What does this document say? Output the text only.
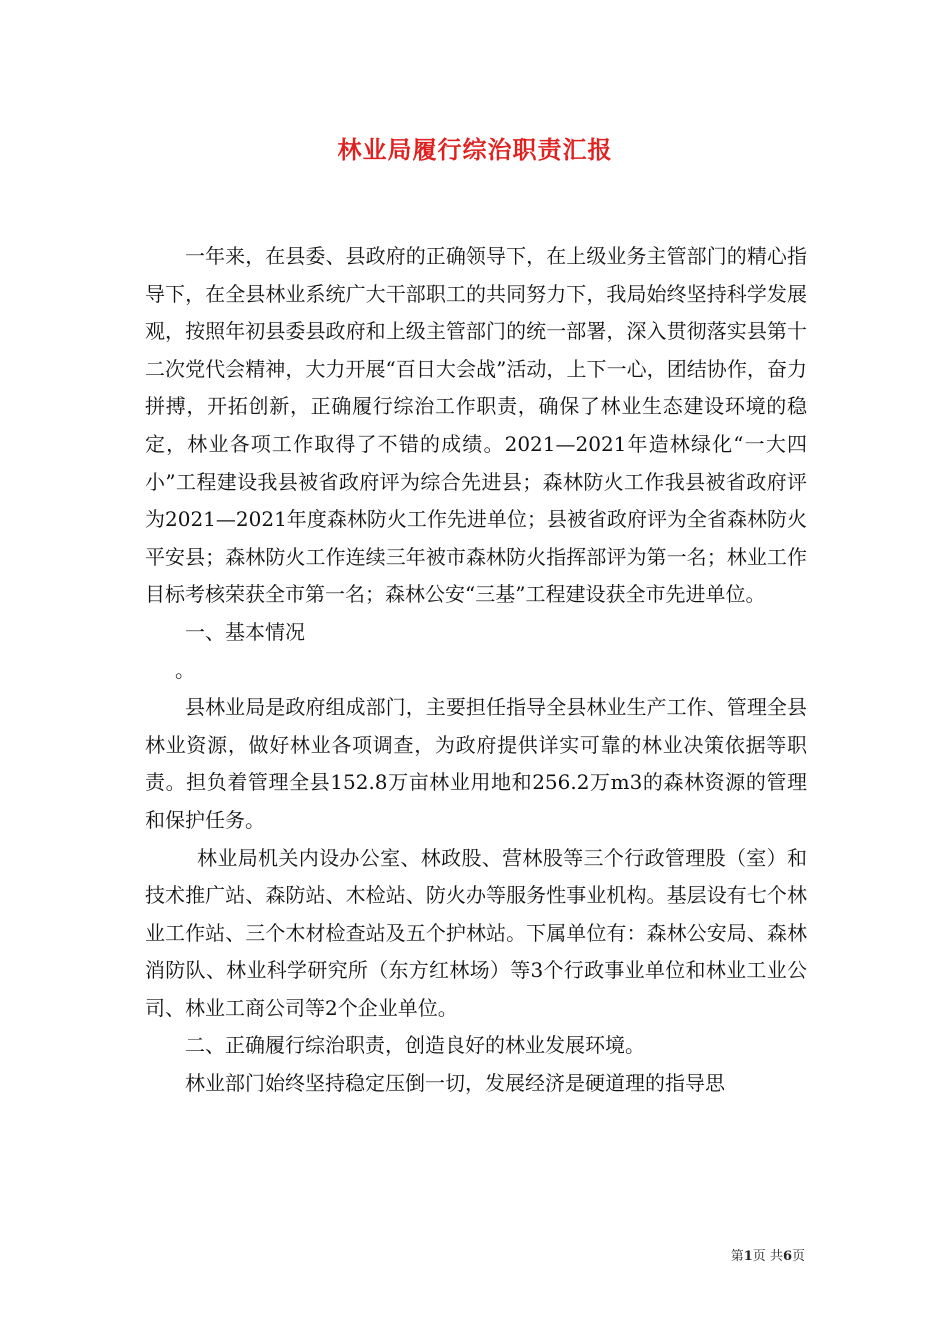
林业局履行综治职责汇报

一年来，在县委、县政府的正确领导下，在上级业务主管部门的精心指导下，在全县林业系统广大干部职工的共同努力下，我局始终坚持科学发展观，按照年初县委县政府和上级主管部门的统一部署，深入贯彻落实县第十二次党代会精神，大力开展“百日大会战”活动，上下一心，团结协作，奋力拼搏，开拓创新，正确履行综治工作职责，确保了林业生态建设环境的稳定，林业各项工作取得了不错的成绩。2021—2021年造林绿化“一大四小”工程建设我县被省政府评为综合先进县；森林防火工作我县被省政府评为2021—2021年度森林防火工作先进单位；县被省政府评为全省森林防火平安县；森林防火工作连续三年被市森林防火指挥部评为第一名；林业工作目标考核荣获全市第一名；森林公安“三基”工程建设获全市先进单位。

一、基本情况

。

县林业局是政府组成部门，主要担任指导全县林业生产工作、管理全县林业资源，做好林业各项调查，为政府提供详实可靠的林业决策依据等职责。担负着管理全县152.8万亩林业用地和256.2万m3的森林资源的管理和保护任务。

林业局机关内设办公室、林政股、营林股等三个行政管理股（室）和技术推广站、森防站、木检站、防火办等服务性事业机构。基层设有七个林业工作站、三个木材检查站及五个护林站。下属单位有：森林公安局、森林消防队、林业科学研究所（东方红林场）等3个行政事业单位和林业工业公司、林业工商公司等2个企业单位。

二、正确履行综治职责，创造良好的林业发展环境。

林业部门始终坚持稳定压倒一切，发展经济是硬道理的指导思

第1页 共6页
